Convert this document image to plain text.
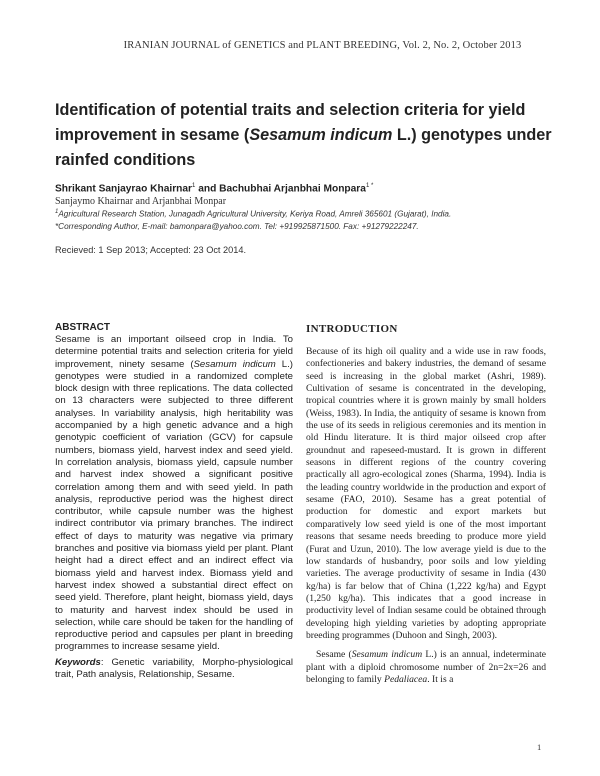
IRANIAN JOURNAL of GENETICS and PLANT BREEDING, Vol. 2, No. 2, October 2013
Identification of potential traits and selection criteria for yield improvement in sesame (Sesamum indicum L.) genotypes under rainfed conditions
Shrikant Sanjayrao Khairnar$^1$ and Bachubhai Arjanbhai Monpara$^{1 *}$
Sanjaymo Khairnar and Arjanbhai Monpar
$^1$Agricultural Research Station, Junagadh Agricultural University, Keriya Road, Amreli 365601 (Gujarat), India.
*Corresponding Author, E-mail: bamonpara@yahoo.com. Tel: +919925871500. Fax: +91279222247.
Recieved: 1 Sep 2013; Accepted: 23 Oct 2014.
ABSTRACT

Sesame is an important oilseed crop in India. To determine potential traits and selection criteria for yield improvement, ninety sesame (Sesamum indicum L.) genotypes were studied in a randomized complete block design with three replications. The data collected on 13 characters were subjected to three different analyses. In variability analysis, high heritability was accompanied by a high genetic advance and a high genotypic coefficient of variation (GCV) for capsule numbers, biomass yield, harvest index and seed yield. In correlation analysis, biomass yield, capsule number and harvest index showed a significant positive correlation among them and with seed yield. In path analysis, reproductive period was the highest direct contributor, while capsule number was the highest indirect contributor via primary branches. The indirect effect of days to maturity was negative via primary branches and positive via biomass yield per plant. Plant height had a direct effect and an indirect effect via biomass yield and harvest index. Biomass yield and harvest index showed a substantial direct effect on seed yield. Therefore, plant height, biomass yield, days to maturity and harvest index should be used in selection, while care should be taken for the handling of reproductive period and capsules per plant in breeding programmes to increase sesame yield.

Keywords: Genetic variability, Morpho-physiological trait, Path analysis, Relationship, Sesame.

INTRODUCTION

Because of its high oil quality and a wide use in raw foods, confectioneries and bakery industries, the demand of sesame seed is increasing in the global market (Ashri, 1989). Cultivation of sesame is concentrated in the developing, tropical countries where it is grown mainly by small holders (Weiss, 1983). In India, the antiquity of sesame is known from the use of its seeds in religious ceremonies and its mention in old Hindu literature. It is third major oilseed crop after groundnut and rapeseed-mustard. It is grown in different seasons in different regions of the country covering practically all agro-ecological zones (Sharma, 1994). India is the leading country worldwide in the production and export of sesame (FAO, 2010). Sesame has a great potential of production for domestic and export markets but comparatively low seed yield is one of the most important reasons that sesame needs breeding to produce more yield (Furat and Uzun, 2010). The low average yield is due to the low standards of husbandry, poor soils and low yielding varieties. The average productivity of sesame in India (430 kg/ha) is far below that of China (1,222 kg/ha) and Egypt (1,250 kg/ha). This indicates that a good increase in productivity level of Indian sesame could be obtained through developing high yielding varieties by adopting appropriate breeding programmes (Duhoon and Singh, 2003).

Sesame (Sesamum indicum L.) is an annual, indeterminate plant with a diploid chromosome number of 2n=2x=26 and belonging to family Pedaliacea. It is a

1
